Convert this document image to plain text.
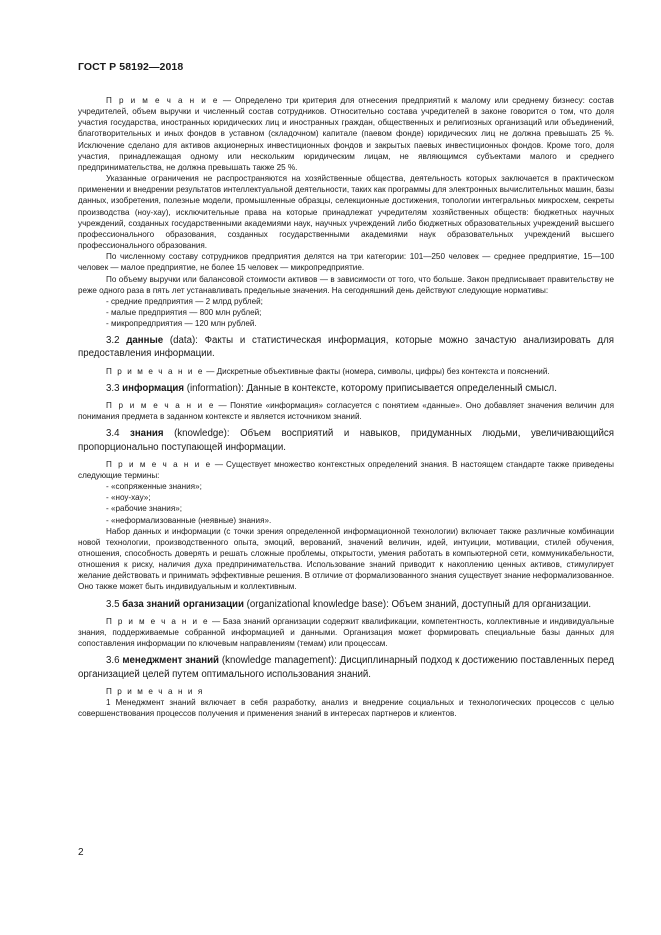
ГОСТ Р 58192—2018

П р и м е ч а н и е — Определено три критерия для отнесения предприятий к малому или среднему бизнесу: состав учредителей, объем выручки и численный состав сотрудников. Относительно состава учредителей в законе говорится о том, что доля участия государства, иностранных юридических лиц и иностранных граждан, общественных и религиозных организаций или объединений, благотворительных и иных фондов в уставном (складочном) капитале (паевом фонде) юридических лиц не должна превышать 25 %. Исключение сделано для активов акционерных инвестиционных фондов и закрытых паевых инвестиционных фондов. Кроме того, доля участия, принадлежащая одному или нескольким юридическим лицам, не являющимся субъектами малого и среднего предпринимательства, не должна превышать также 25 %.

Указанные ограничения не распространяются на хозяйственные общества, деятельность которых заключается в практическом применении и внедрении результатов интеллектуальной деятельности, таких как программы для электронных вычислительных машин, базы данных, изобретения, полезные модели, промышленные образцы, селекционные достижения, топологии интегральных микросхем, секреты производства (ноу-хау), исключительные права на которые принадлежат учредителям хозяйственных обществ: бюджетных научных учреждений, созданных государственными академиями наук, научных учреждений либо бюджетных образовательных учреждений высшего профессионального образования, созданных государственными академиями наук образовательных учреждений высшего профессионального образования.

По численному составу сотрудников предприятия делятся на три категории: 101—250 человек — среднее предприятие, 15—100 человек — малое предприятие, не более 15 человек — микропредприятие.

По объему выручки или балансовой стоимости активов — в зависимости от того, что больше. Закон предписывает правительству не реже одного раза в пять лет устанавливать предельные значения. На сегодняшний день действуют следующие нормативы:

- средние предприятия — 2 млрд рублей;

- малые предприятия — 800 млн рублей;

- микропредприятия — 120 млн рублей.

3.2 данные (data): Факты и статистическая информация, которые можно зачастую анализировать для предоставления информации.

П р и м е ч а н и е — Дискретные объективные факты (номера, символы, цифры) без контекста и пояснений.

3.3 информация (information): Данные в контексте, которому приписывается определенный смысл.

П р и м е ч а н и е — Понятие «информация» согласуется с понятием «данные». Оно добавляет значения величин для понимания предмета в заданном контексте и является источником знаний.

3.4 знания (knowledge): Объем восприятий и навыков, придуманных людьми, увеличивающийся пропорционально поступающей информации.

П р и м е ч а н и е — Существует множество контекстных определений знания. В настоящем стандарте также приведены следующие термины:

- «сопряженные знания»;

- «ноу-хау»;

- «рабочие знания»;

- «неформализованные (неявные) знания».

Набор данных и информации (с точки зрения определенной информационной технологии) включает также различные комбинации новой технологии, производственного опыта, эмоций, верований, значений величин, идей, интуиции, мотивации, стилей обучения, отношения, способность доверять и решать сложные проблемы, открытости, умения работать в компьютерной сети, коммуникабельности, отношения к риску, наличия духа предпринимательства. Использование знаний приводит к накоплению ценных активов, стимулирует желание действовать и принимать эффективные решения. В отличие от формализованного знания существует знание неформализованное. Оно также может быть индивидуальным и коллективным.

3.5 база знаний организации (organizational knowledge base): Объем знаний, доступный для организации.

П р и м е ч а н и е — База знаний организации содержит квалификации, компетентность, коллективные и индивидуальные знания, поддерживаемые собранной информацией и данными. Организация может формировать специальные базы данных для сопоставления информации по ключевым направлениям (темам) или процессам.

3.6 менеджмент знаний (knowledge management): Дисциплинарный подход к достижению поставленных перед организацией целей путем оптимального использования знаний.

П р и м е ч а н и я

1 Менеджмент знаний включает в себя разработку, анализ и внедрение социальных и технологических процессов с целью совершенствования процессов получения и применения знаний в интересах партнеров и клиентов.

2
